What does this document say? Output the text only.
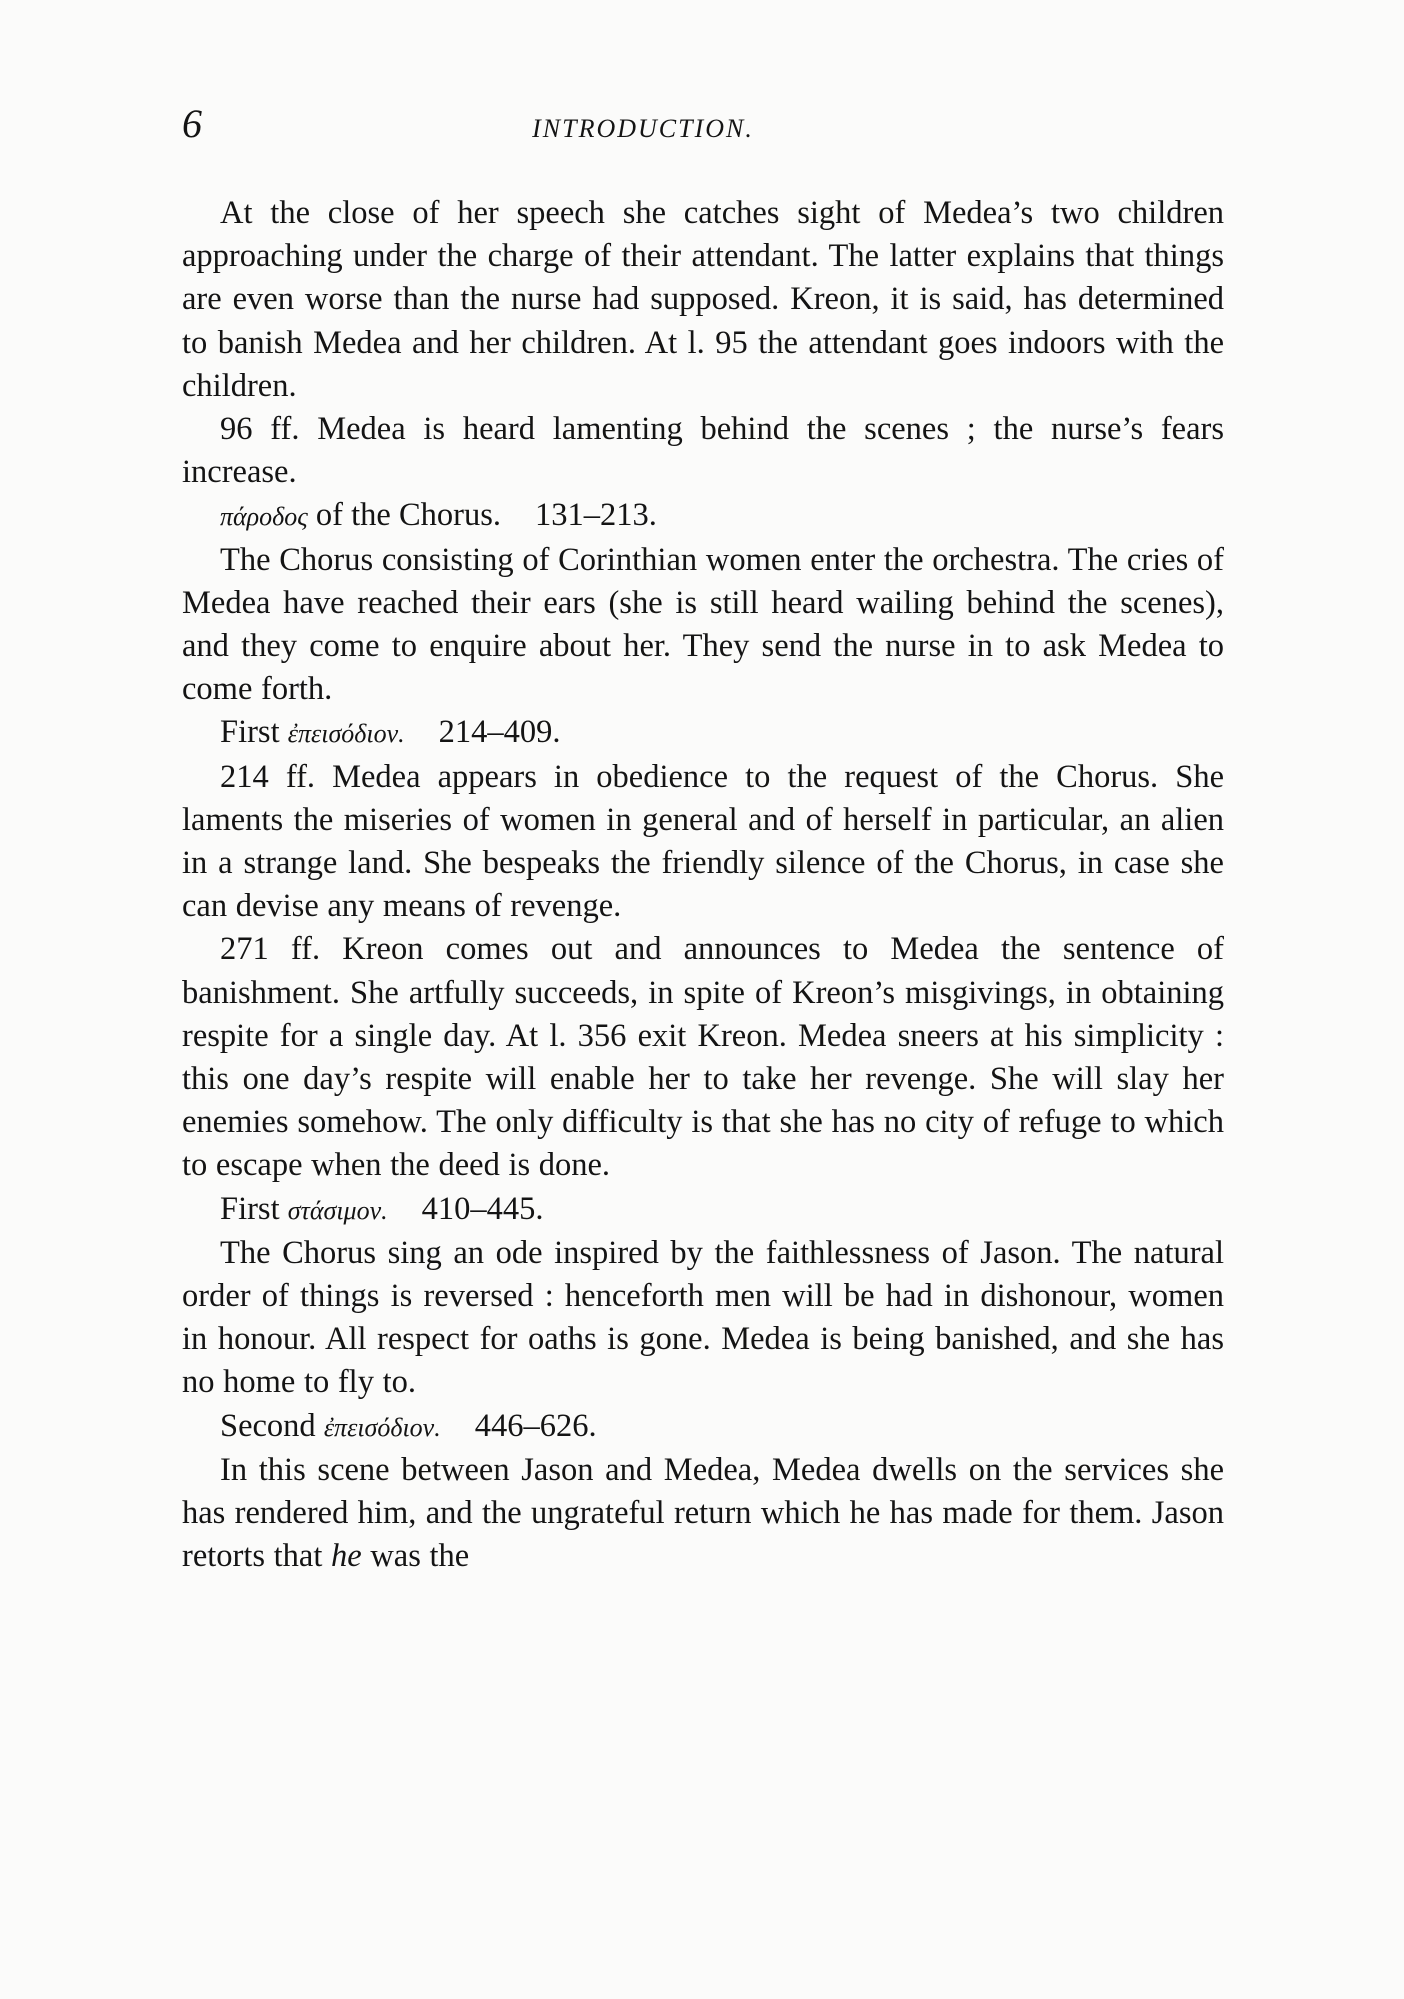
6	INTRODUCTION.

At the close of her speech she catches sight of Medea’s two children approaching under the charge of their attendant. The latter explains that things are even worse than the nurse had supposed. Kreon, it is said, has determined to banish Medea and her children. At l. 95 the attendant goes indoors with the children.

96 ff. Medea is heard lamenting behind the scenes ; the nurse’s fears increase.

πάροδος of the Chorus. 131–213.

The Chorus consisting of Corinthian women enter the orchestra. The cries of Medea have reached their ears (she is still heard wailing behind the scenes), and they come to enquire about her. They send the nurse in to ask Medea to come forth.

First ἐπεισόδιον. 214–409.

214 ff. Medea appears in obedience to the request of the Chorus. She laments the miseries of women in general and of herself in particular, an alien in a strange land. She bespeaks the friendly silence of the Chorus, in case she can devise any means of revenge.

271 ff. Kreon comes out and announces to Medea the sentence of banishment. She artfully succeeds, in spite of Kreon’s misgivings, in obtaining respite for a single day. At l. 356 exit Kreon. Medea sneers at his simplicity : this one day’s respite will enable her to take her revenge. She will slay her enemies somehow. The only difficulty is that she has no city of refuge to which to escape when the deed is done.

First στάσιμον. 410–445.

The Chorus sing an ode inspired by the faithlessness of Jason. The natural order of things is reversed : henceforth men will be had in dishonour, women in honour. All respect for oaths is gone. Medea is being banished, and she has no home to fly to.

Second ἐπεισόδιον. 446–626.

In this scene between Jason and Medea, Medea dwells on the services she has rendered him, and the ungrateful return which he has made for them. Jason retorts that he was the
